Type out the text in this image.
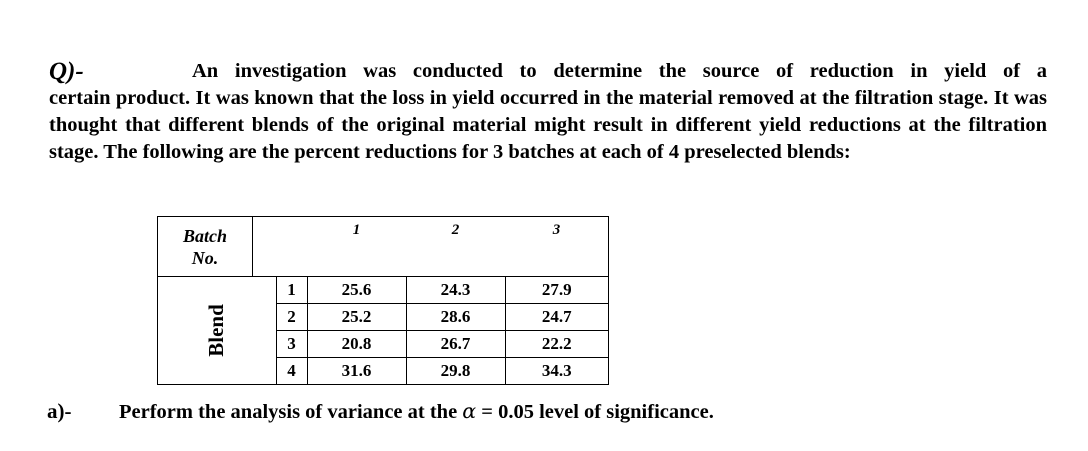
Q)-	An investigation was conducted to determine the source of reduction in yield of a
certain product. It was known that the loss in yield occurred in the material removed at the filtration stage. It was thought that different blends of the original material might result in different yield reductions at the filtration stage. The following are the percent reductions for 3 batches at each of 4 preselected blends:
Batch
No.			1	2	3
Blend		1	25.6	24.3	27.9
		2	25.2	28.6	24.7
		3	20.8	26.7	22.2
		4	31.6	29.8	34.3
a)-	Perform the analysis of variance at the α = 0.05 level of significance.
